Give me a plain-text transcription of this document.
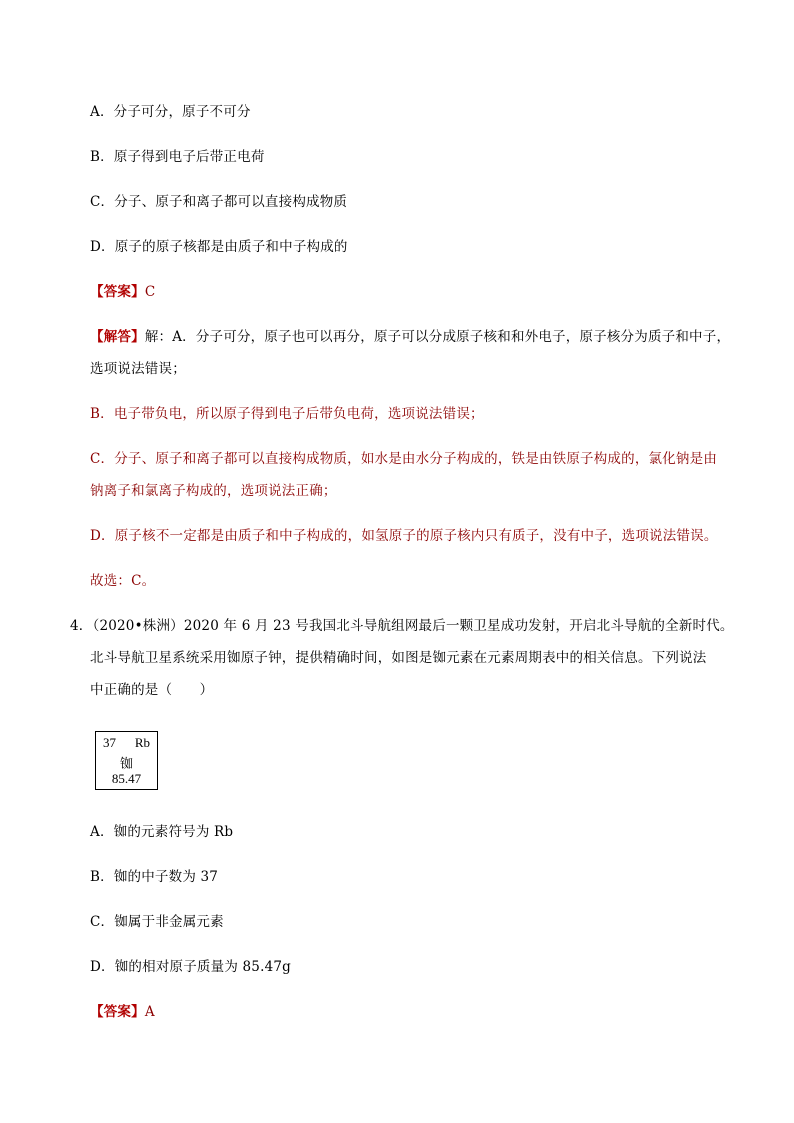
A．分子可分，原子不可分
B．原子得到电子后带正电荷
C．分子、原子和离子都可以直接构成物质
D．原子的原子核都是由质子和中子构成的
【答案】C
【解答】解：A．分子可分，原子也可以再分，原子可以分成原子核和和外电子，原子核分为质子和中子，
选项说法错误；
B．电子带负电，所以原子得到电子后带负电荷，选项说法错误；
C．分子、原子和离子都可以直接构成物质，如水是由水分子构成的，铁是由铁原子构成的，氯化钠是由
钠离子和氯离子构成的，选项说法正确；
D．原子核不一定都是由质子和中子构成的，如氢原子的原子核内只有质子，没有中子，选项说法错误。
故选：C。
4．（2020•株洲）2020 年 6 月 23 号我国北斗导航组网最后一颗卫星成功发射，开启北斗导航的全新时代。
北斗导航卫星系统采用铷原子钟，提供精确时间，如图是铷元素在元素周期表中的相关信息。下列说法
中正确的是（　　）
37 Rb
铷
85.47
A．铷的元素符号为 Rb
B．铷的中子数为 37
C．铷属于非金属元素
D．铷的相对原子质量为 85.47g
【答案】A
